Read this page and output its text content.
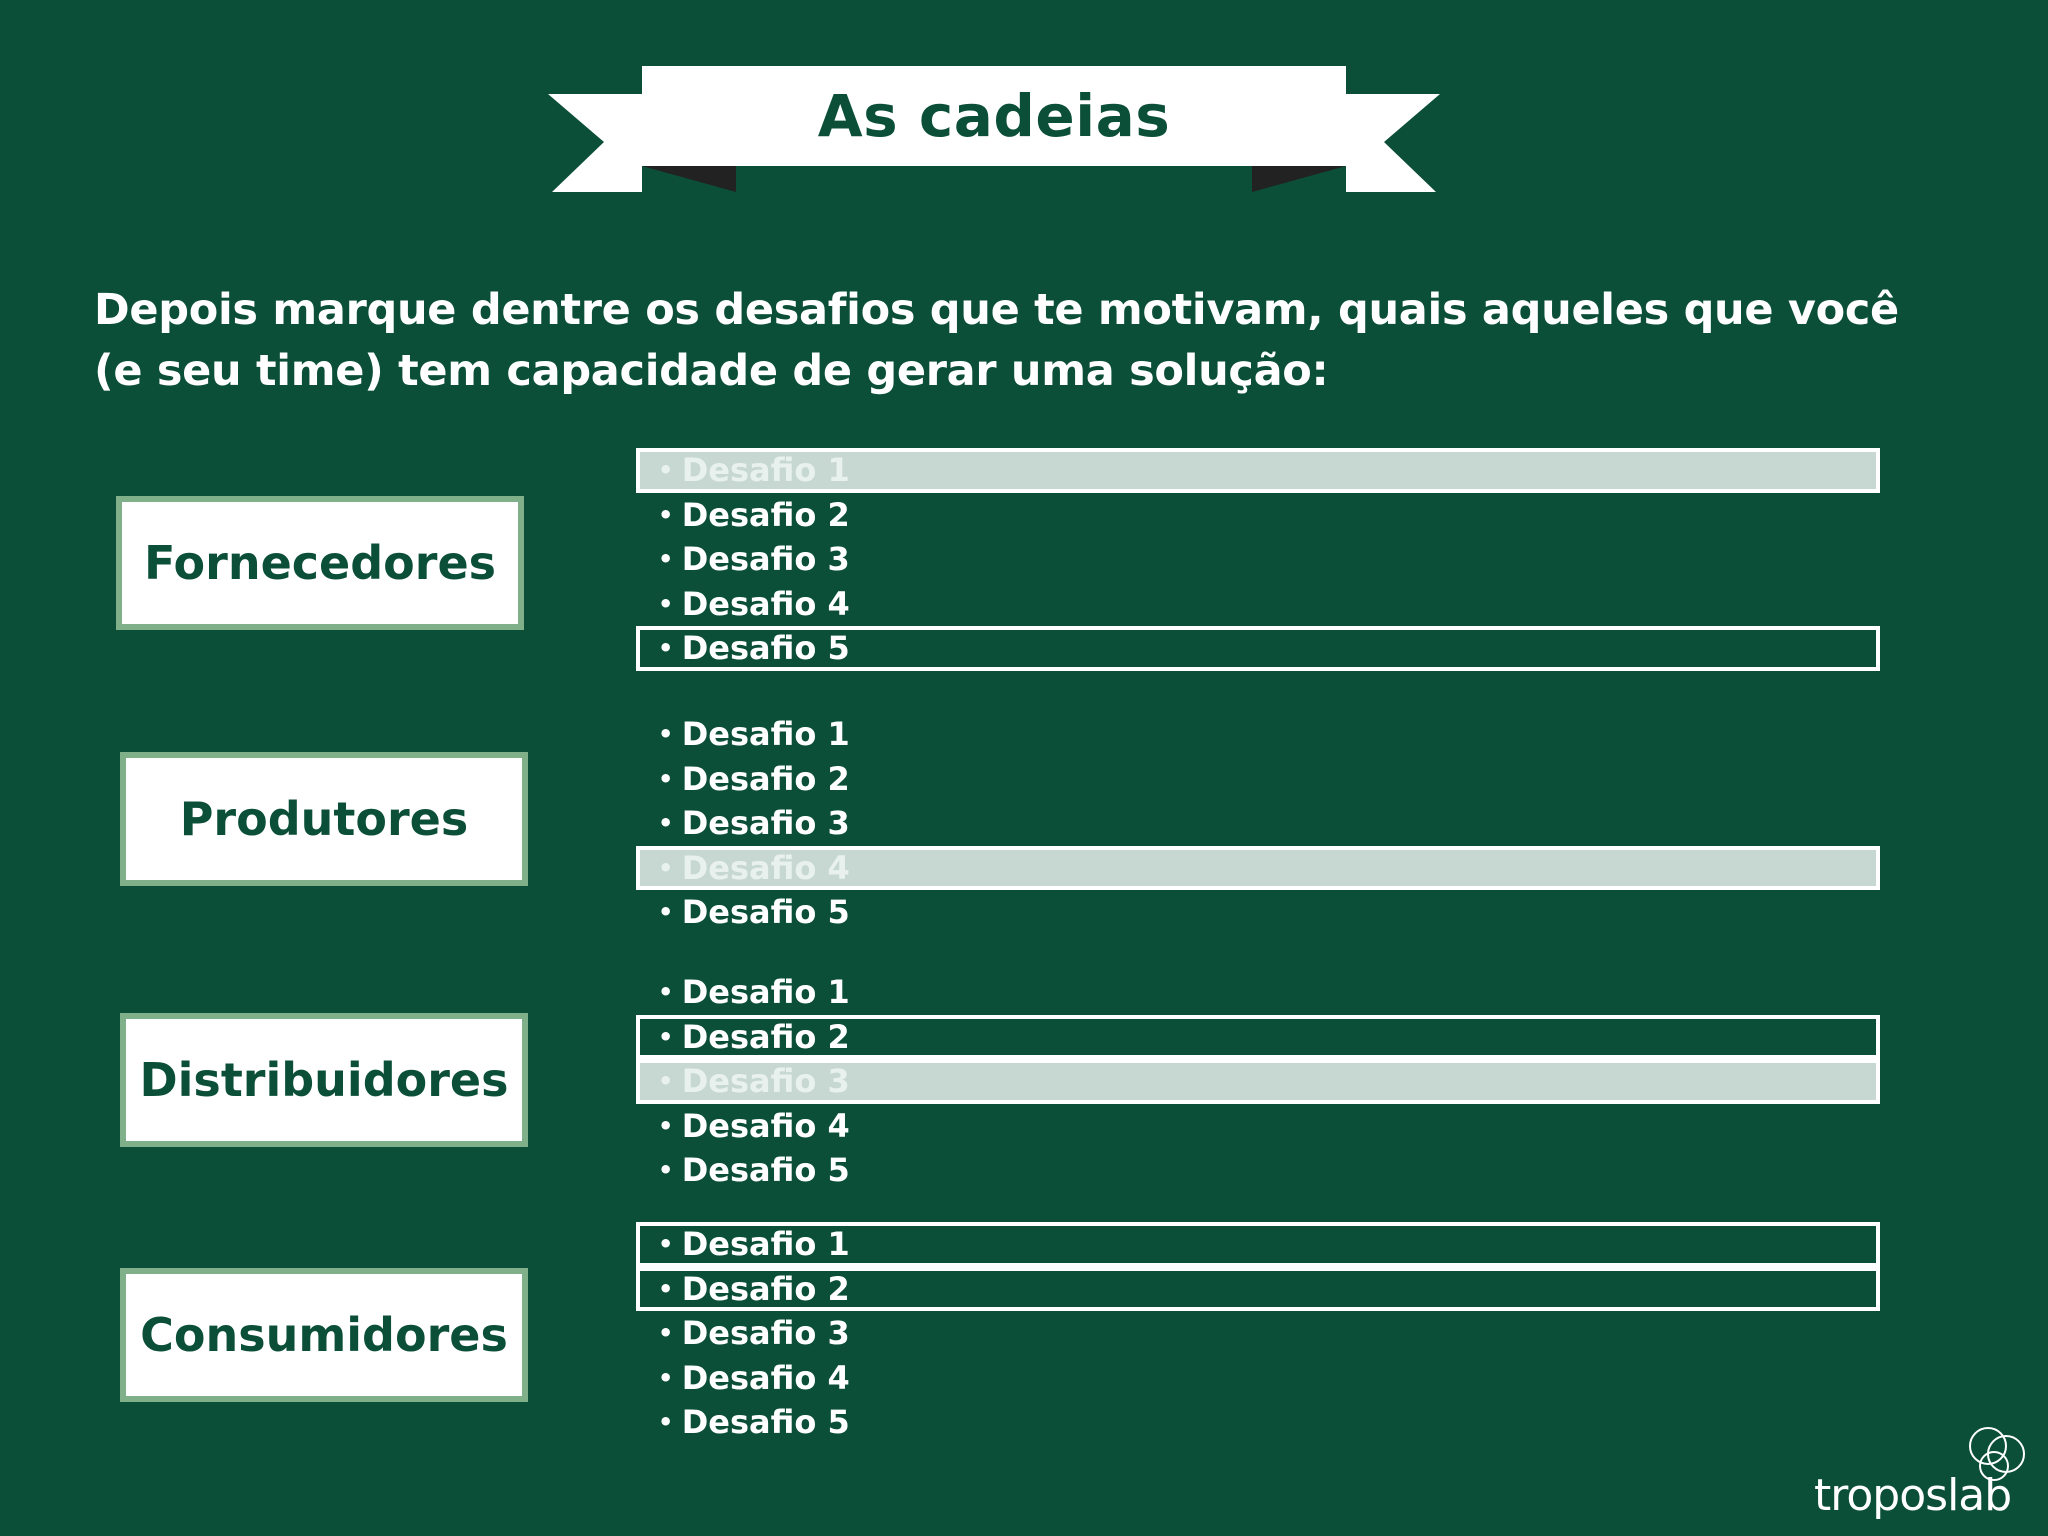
As cadeias
Depois marque dentre os desafios que te motivam, quais aqueles que você (e seu time) tem capacidade de gerar uma solução:
Fornecedores
Produtores
Distribuidores
Consumidores
• Desafio 1
• Desafio 2
• Desafio 3
• Desafio 4
• Desafio 5
• Desafio 1
• Desafio 2
• Desafio 3
• Desafio 4
• Desafio 5
• Desafio 1
• Desafio 2
• Desafio 3
• Desafio 4
• Desafio 5
• Desafio 1
• Desafio 2
• Desafio 3
• Desafio 4
• Desafio 5
troposlab
